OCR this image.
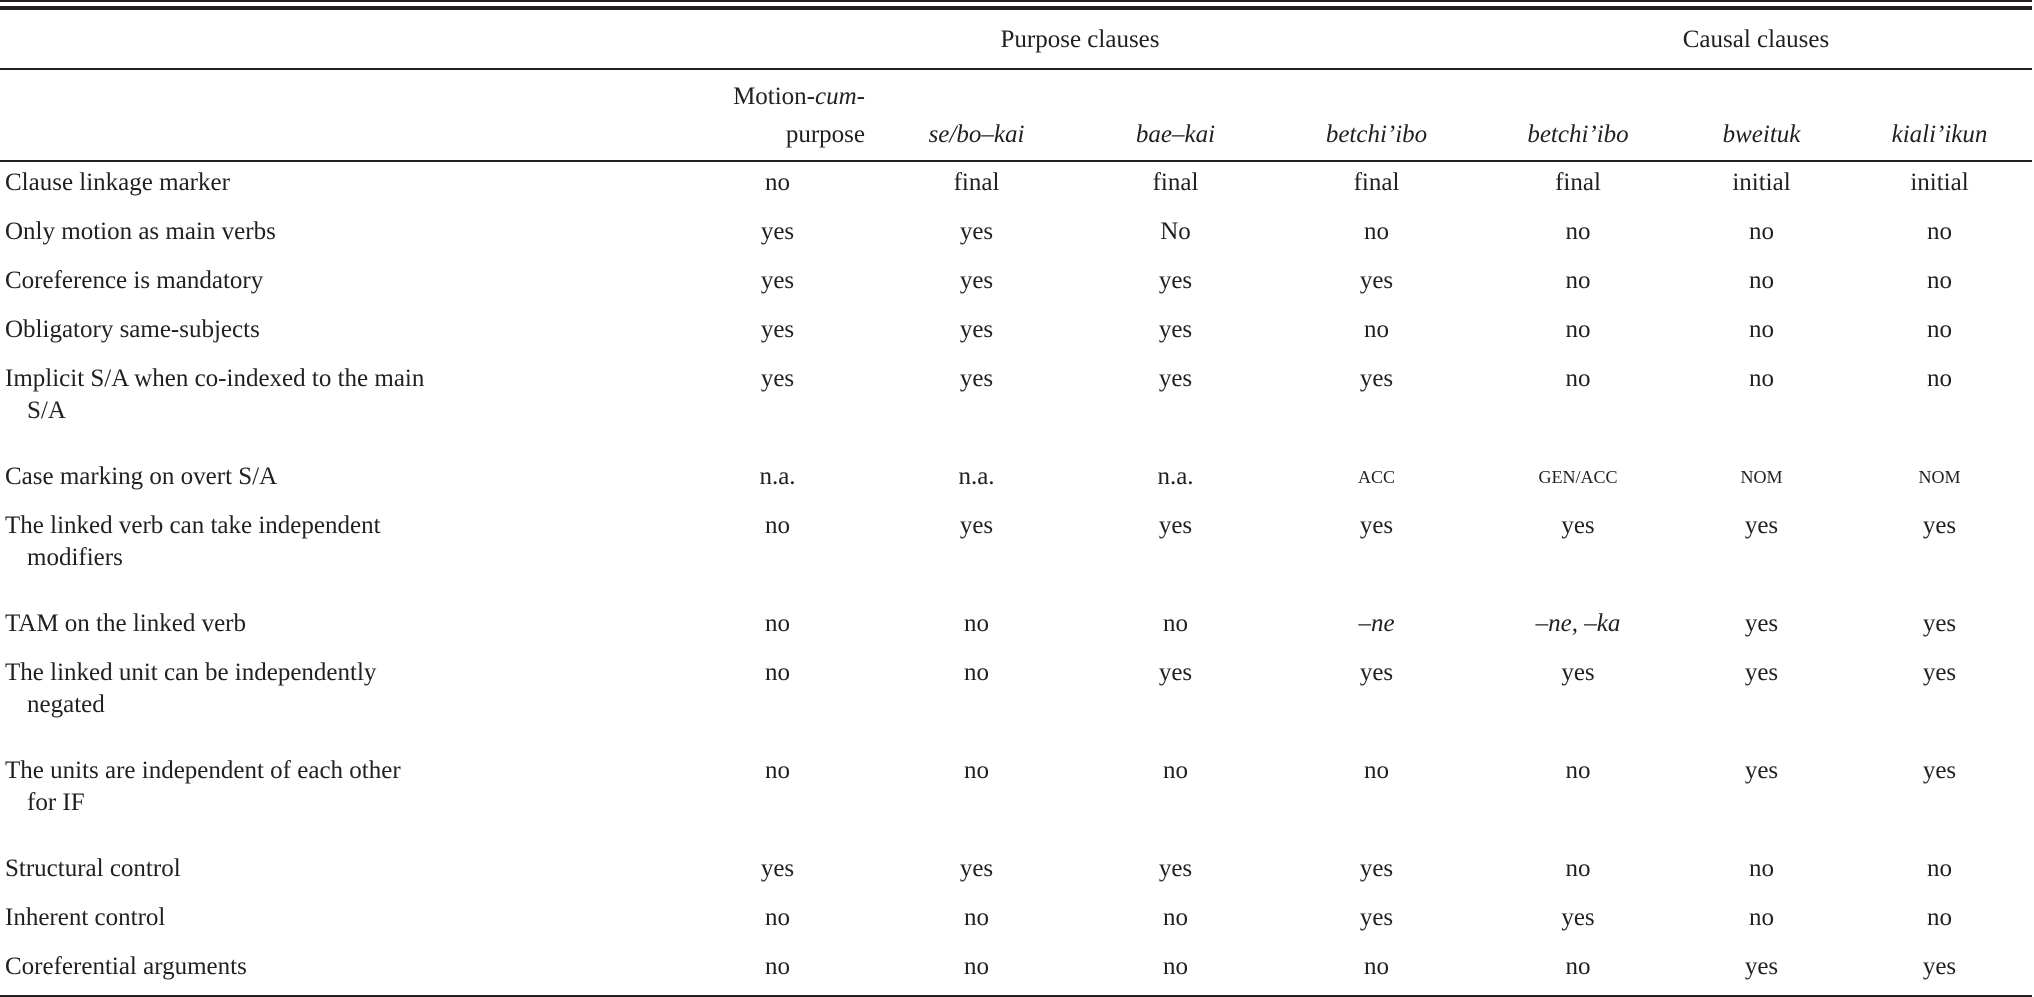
	Purpose clauses				Causal clauses		
	Motion-cum-
purpose	se/bo–kai	bae–kai	betchi’ibo	betchi’ibo	bweituk	kiali’ikun
Clause linkage marker	no	final	final	final	final	initial	initial
Only motion as main verbs	yes	yes	No	no	no	no	no
Coreference is mandatory	yes	yes	yes	yes	no	no	no
Obligatory same-subjects	yes	yes	yes	no	no	no	no
Implicit S/A when co-indexed to the main
S/A	yes	yes	yes	yes	no	no	no
Case marking on overt S/A	n.a.	n.a.	n.a.	ACC	GEN/ACC	NOM	NOM
The linked verb can take independent
modifiers	no	yes	yes	yes	yes	yes	yes
TAM on the linked verb	no	no	no	–ne	–ne, –ka	yes	yes
The linked unit can be independently
negated	no	no	yes	yes	yes	yes	yes
The units are independent of each other
for IF	no	no	no	no	no	yes	yes
Structural control	yes	yes	yes	yes	no	no	no
Inherent control	no	no	no	yes	yes	no	no
Coreferential arguments	no	no	no	no	no	yes	yes
